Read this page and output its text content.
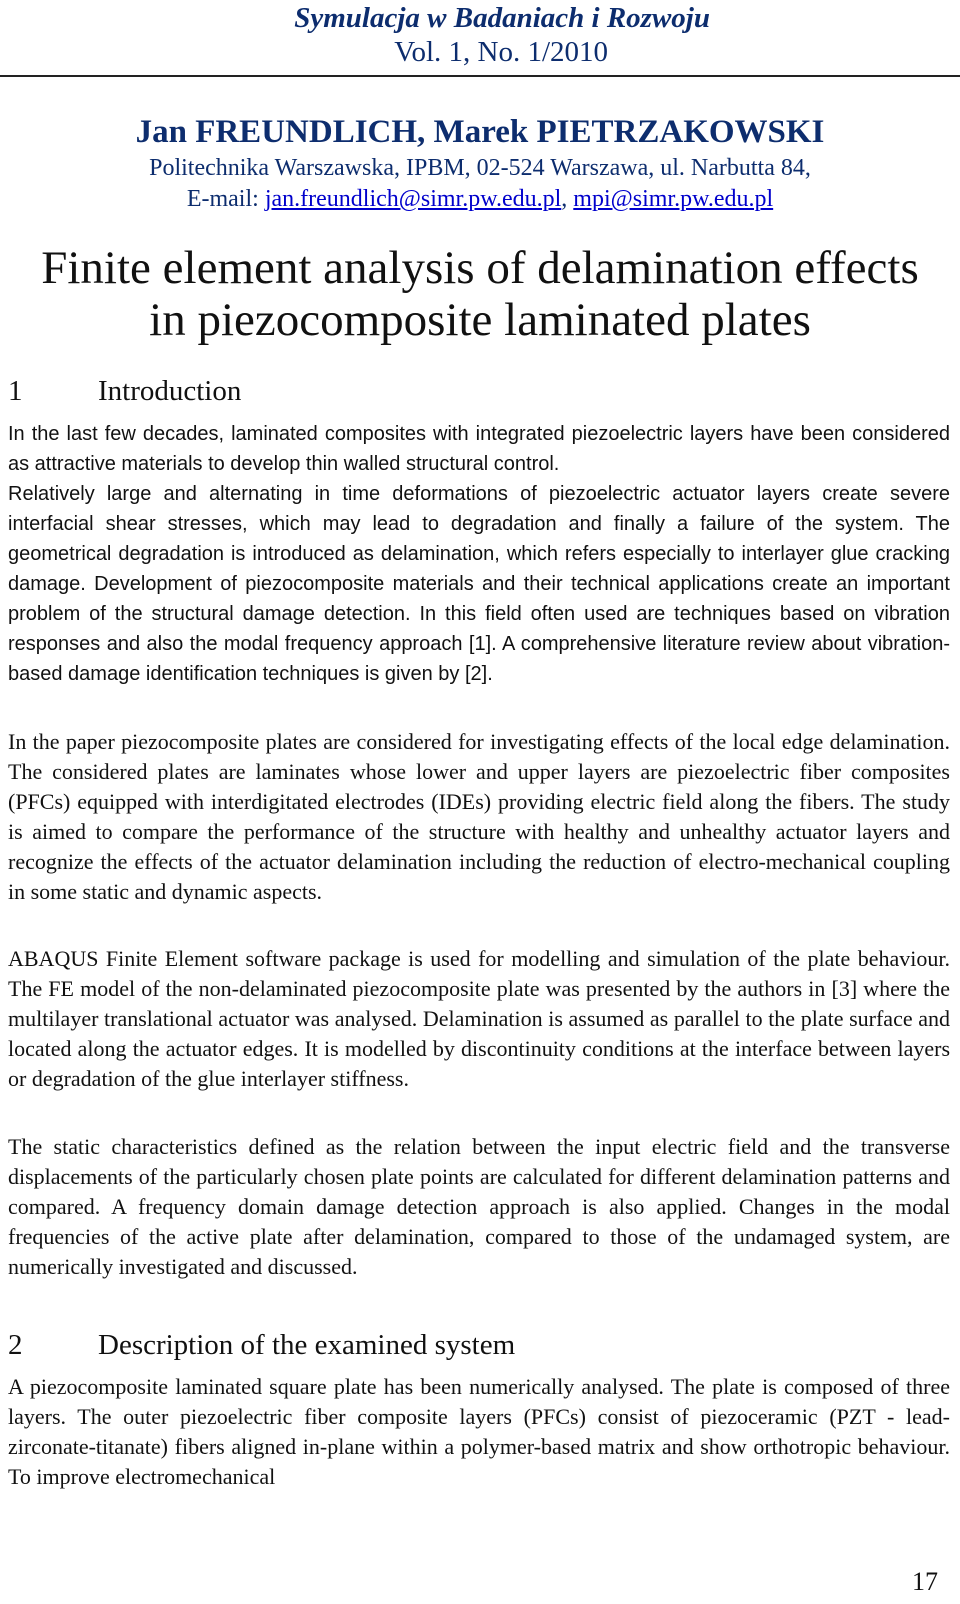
Symulacja w Badaniach i Rozwoju

Vol. 1, No. 1/2010

Jan FREUNDLICH, Marek PIETRZAKOWSKI

Politechnika Warszawska, IPBM, 02-524 Warszawa, ul. Narbutta 84,

E-mail: jan.freundlich@simr.pw.edu.pl, mpi@simr.pw.edu.pl

Finite element analysis of delamination effects
in piezocomposite laminated plates
1	Introduction

In the last few decades, laminated composites with integrated piezoelectric layers have been considered as attractive materials to develop thin walled structural control.

Relatively large and alternating in time deformations of piezoelectric actuator layers create severe interfacial shear stresses, which may lead to degradation and finally a failure of the system. The geometrical degradation is introduced as delamination, which refers especially to interlayer glue cracking damage. Development of piezocomposite materials and their technical applications create an important problem of the structural damage detection. In this field often used are techniques based on vibration responses and also the modal frequency approach [1]. A comprehensive literature review about vibration-based damage identification techniques is given by [2].

In the paper piezocomposite plates are considered for investigating effects of the local edge delamination. The considered plates are laminates whose lower and upper layers are piezoelectric fiber composites (PFCs) equipped with interdigitated electrodes (IDEs) providing electric field along the fibers. The study is aimed to compare the performance of the structure with healthy and unhealthy actuator layers and recognize the effects of the actuator delamination including the reduction of electro-mechanical coupling in some static and dynamic aspects.

ABAQUS Finite Element software package is used for modelling and simulation of the plate behaviour. The FE model of the non-delaminated piezocomposite plate was presented by the authors in [3] where the multilayer translational actuator was analysed. Delamination is assumed as parallel to the plate surface and located along the actuator edges. It is modelled by discontinuity conditions at the interface between layers or degradation of the glue interlayer stiffness.

The static characteristics defined as the relation between the input electric field and the transverse displacements of the particularly chosen plate points are calculated for different delamination patterns and compared. A frequency domain damage detection approach is also applied. Changes in the modal frequencies of the active plate after delamination, compared to those of the undamaged system, are numerically investigated and discussed.

2	Description of the examined system

A piezocomposite laminated square plate has been numerically analysed. The plate is composed of three layers. The outer piezoelectric fiber composite layers (PFCs) consist of piezoceramic (PZT - lead-zirconate-titanate) fibers aligned in-plane within a polymer-based matrix and show orthotropic behaviour. To improve electromechanical

17
